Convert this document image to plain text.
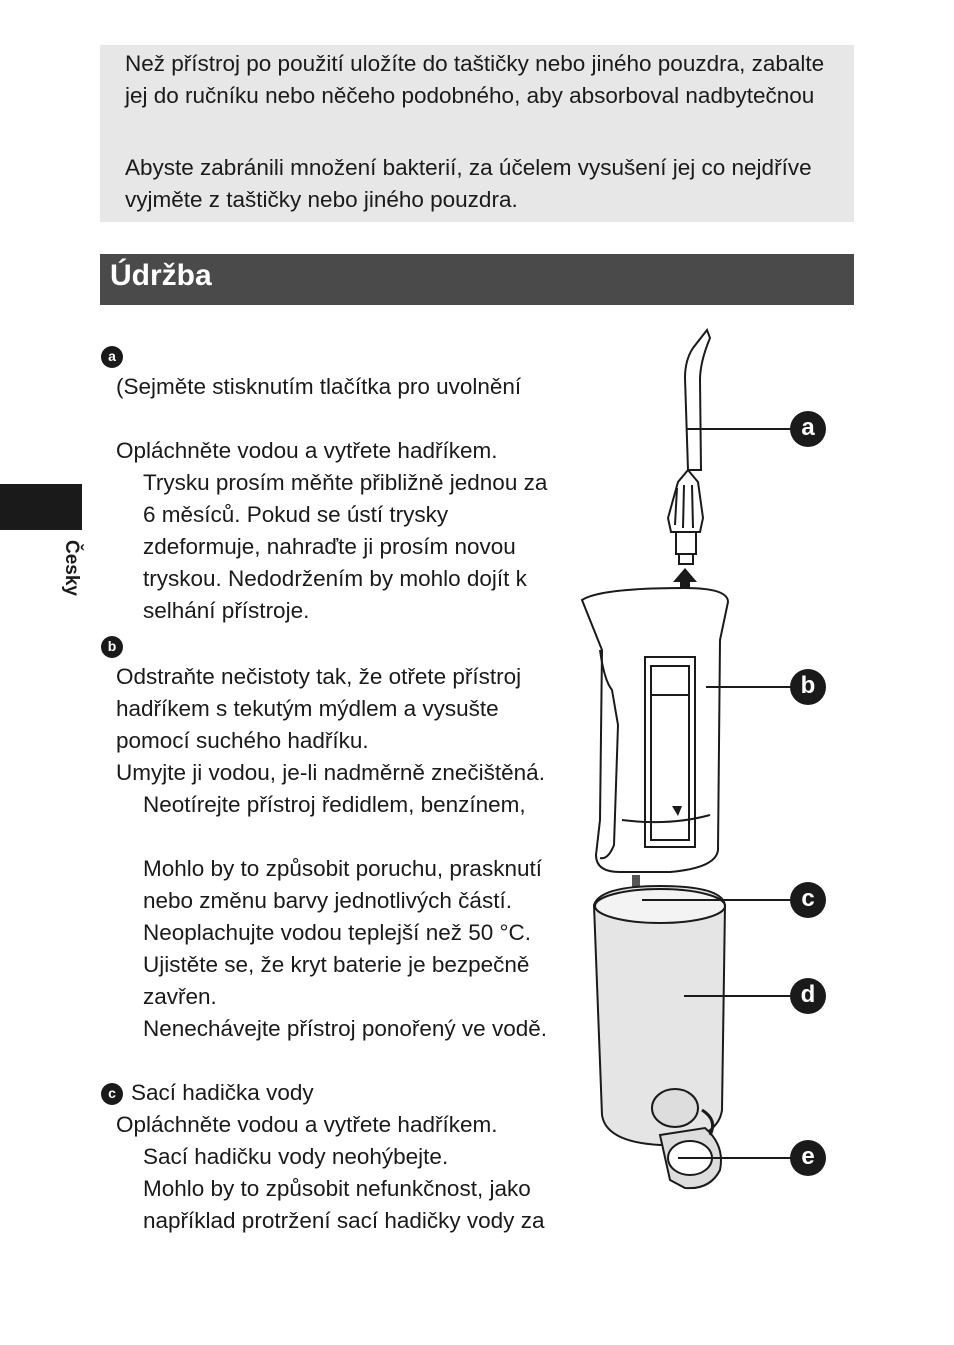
Než přístroj po použití uložíte do taštičky nebo jiného pouzdra, zabalte
jej do ručníku nebo něčeho podobného, aby absorboval nadbytečnou
Abyste zabránili množení bakterií, za účelem vysušení jej co nejdříve
vyjměte z taštičky nebo jiného pouzdra.
Údržba
Česky
a
(Sejměte stisknutím tlačítka pro uvolnění
Opláchněte vodou a vytřete hadříkem.
Trysku prosím měňte přibližně jednou za
6 měsíců. Pokud se ústí trysky
zdeformuje, nahraďte ji prosím novou
tryskou. Nedodržením by mohlo dojít k
selhání přístroje.
b
Odstraňte nečistoty tak, že otřete přístroj
hadříkem s tekutým mýdlem a vysušte
pomocí suchého hadříku.
Umyjte ji vodou, je-li nadměrně znečištěná.
Neotírejte přístroj ředidlem, benzínem,
Mohlo by to způsobit poruchu, prasknutí
nebo změnu barvy jednotlivých částí.
Neoplachujte vodou teplejší než 50 °C.
Ujistěte se, že kryt baterie je bezpečně
zavřen.
Nenechávejte přístroj ponořený ve vodě.
c Sací hadička vody
Opláchněte vodou a vytřete hadříkem.
Sací hadičku vody neohýbejte.
Mohlo by to způsobit nefunkčnost, jako
například protržení sací hadičky vody za
a
b
c
d
e
